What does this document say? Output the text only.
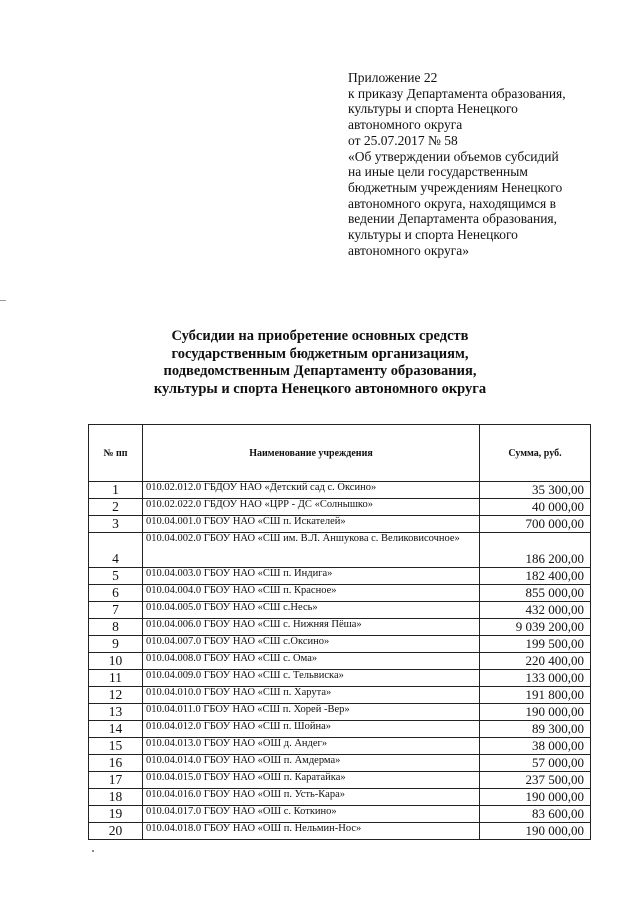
Приложение 22
к приказу Департамента образования,
культуры и спорта Ненецкого
автономного округа
от 25.07.2017 № 58
«Об утверждении объемов субсидий
на иные цели государственным
бюджетным учреждениям Ненецкого
автономного округа, находящимся в
ведении Департамента образования,
культуры и спорта Ненецкого
автономного округа»
Субсидии на приобретение основных средств
государственным бюджетным организациям,
подведомственным Департаменту образования,
культуры и спорта Ненецкого автономного округа
№ пп	Наименование учреждения	Сумма, руб.
1	010.02.012.0 ГБДОУ НАО «Детский сад с. Оксино»	35 300,00
2	010.02.022.0 ГБДОУ НАО «ЦРР - ДС «Солнышко»	40 000,00
3	010.04.001.0 ГБОУ НАО «СШ п. Искателей»	700 000,00
4	010.04.002.0 ГБОУ НАО «СШ им. В.Л. Аншукова с. Великовисочное»	186 200,00
5	010.04.003.0 ГБОУ НАО «СШ п. Индига»	182 400,00
6	010.04.004.0 ГБОУ НАО «СШ п. Красное»	855 000,00
7	010.04.005.0 ГБОУ НАО «СШ с.Несь»	432 000,00
8	010.04.006.0 ГБОУ НАО «СШ с. Нижняя Пёша»	9 039 200,00
9	010.04.007.0 ГБОУ НАО «СШ с.Оксино»	199 500,00
10	010.04.008.0 ГБОУ НАО «СШ с. Ома»	220 400,00
11	010.04.009.0 ГБОУ НАО «СШ с. Тельвиска»	133 000,00
12	010.04.010.0 ГБОУ НАО «СШ п. Харута»	191 800,00
13	010.04.011.0 ГБОУ НАО «СШ п. Хорей -Вер»	190 000,00
14	010.04.012.0 ГБОУ НАО «СШ п. Шойна»	89 300,00
15	010.04.013.0 ГБОУ НАО «ОШ д. Андег»	38 000,00
16	010.04.014.0 ГБОУ НАО «ОШ п. Амдерма»	57 000,00
17	010.04.015.0 ГБОУ НАО «ОШ п. Каратайка»	237 500,00
18	010.04.016.0 ГБОУ НАО «ОШ п. Усть-Кара»	190 000,00
19	010.04.017.0 ГБОУ НАО «ОШ с. Коткино»	83 600,00
20	010.04.018.0 ГБОУ НАО «ОШ п. Нельмин-Нос»	190 000,00
